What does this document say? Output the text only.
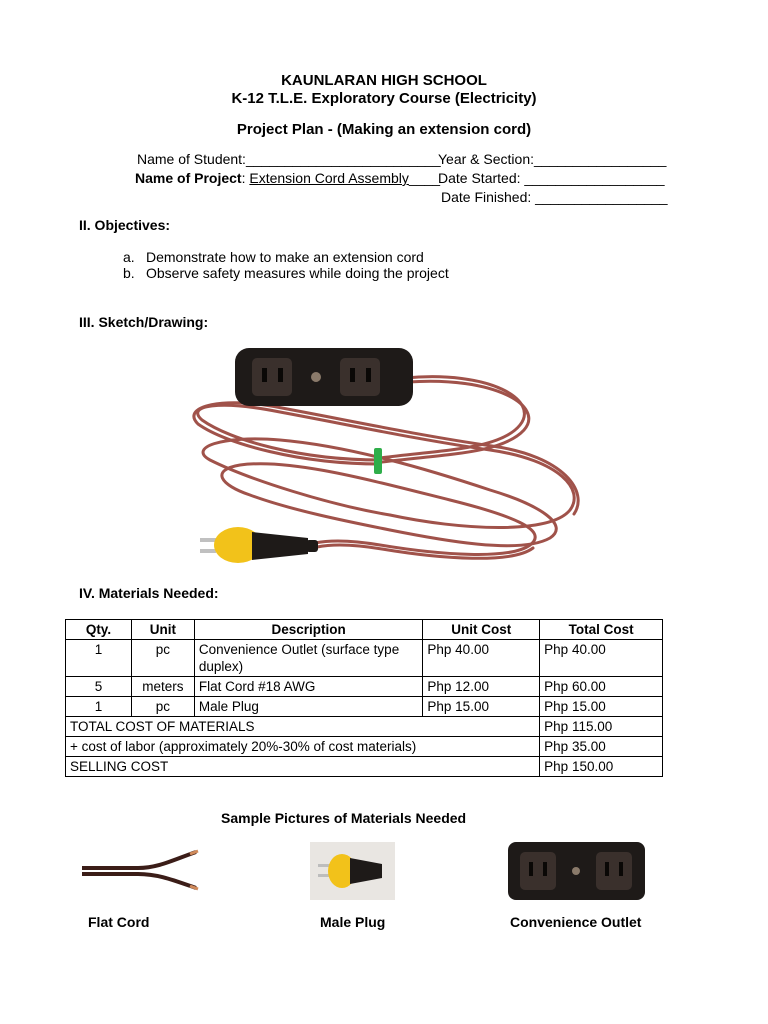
KAUNLARAN HIGH SCHOOL
K-12 T.L.E. Exploratory Course (Electricity)
Project Plan - (Making an extension cord)
Name of Student:_________________________
Year & Section:_________________
Name of Project: Extension Cord Assembly____
Date Started: __________________
Date Finished: _________________
II. Objectives:
a. Demonstrate how to make an extension cord
b. Observe safety measures while doing the project
III. Sketch/Drawing:
IV. Materials Needed:
Qty.	Unit	Description	Unit Cost	Total Cost
1	pc	Convenience Outlet (surface type duplex)	Php 40.00	Php 40.00
5	meters	Flat Cord #18 AWG	Php 12.00	Php 60.00
1	pc	Male Plug	Php 15.00	Php 15.00
TOTAL COST OF MATERIALS				Php 115.00
+ cost of labor (approximately 20%-30% of cost materials)				Php 35.00
SELLING COST				Php 150.00
Sample Pictures of Materials Needed
Flat Cord	Male Plug	Convenience Outlet
